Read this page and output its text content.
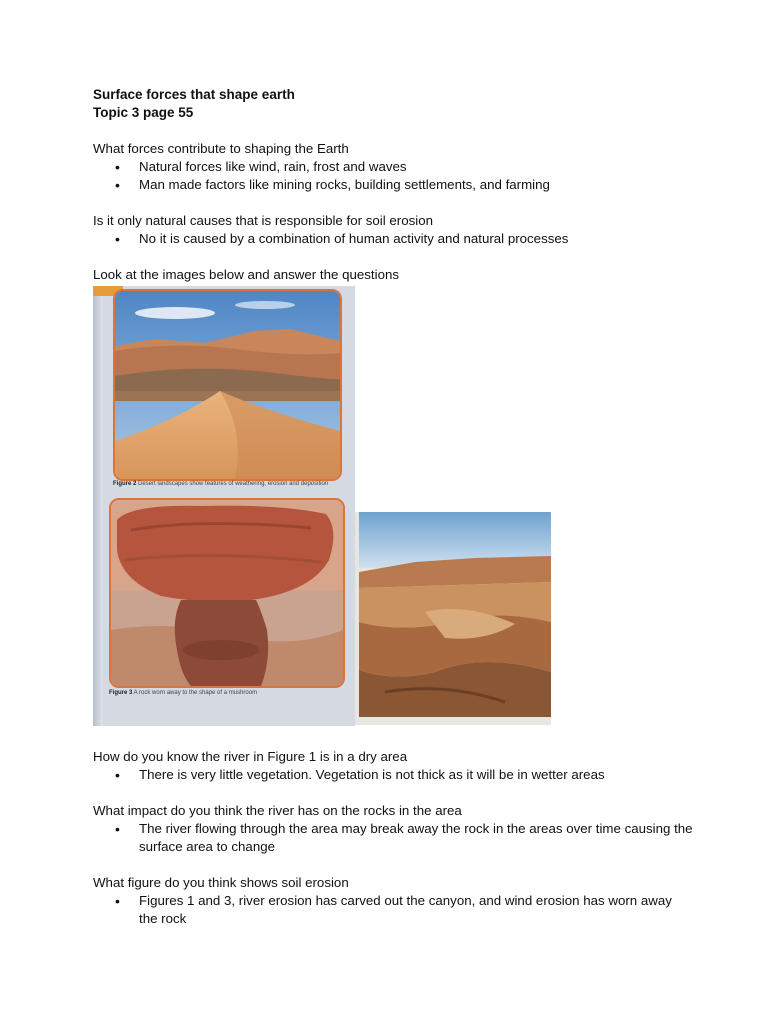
Surface forces that shape earth

Topic 3 page 55

What forces contribute to shaping the Earth

• Natural forces like wind, rain, frost and waves
• Man made factors like mining rocks, building settlements, and farming

Is it only natural causes that is responsible for soil erosion

• No it is caused by a combination of human activity and natural processes

Look at the images below and answer the questions

Figure 2 Desert landscapes show features of weathering, erosion and deposition
Figure 3 A rock worn away to the shape of a mushroom

How do you know the river in Figure 1 is in a dry area

• There is very little vegetation. Vegetation is not thick as it will be in wetter areas

What impact do you think the river has on the rocks in the area

• The river flowing through the area may break away the rock in the areas over time causing the surface area to change

What figure do you think shows soil erosion

• Figures 1 and 3, river erosion has carved out the canyon, and wind erosion has worn away the rock
